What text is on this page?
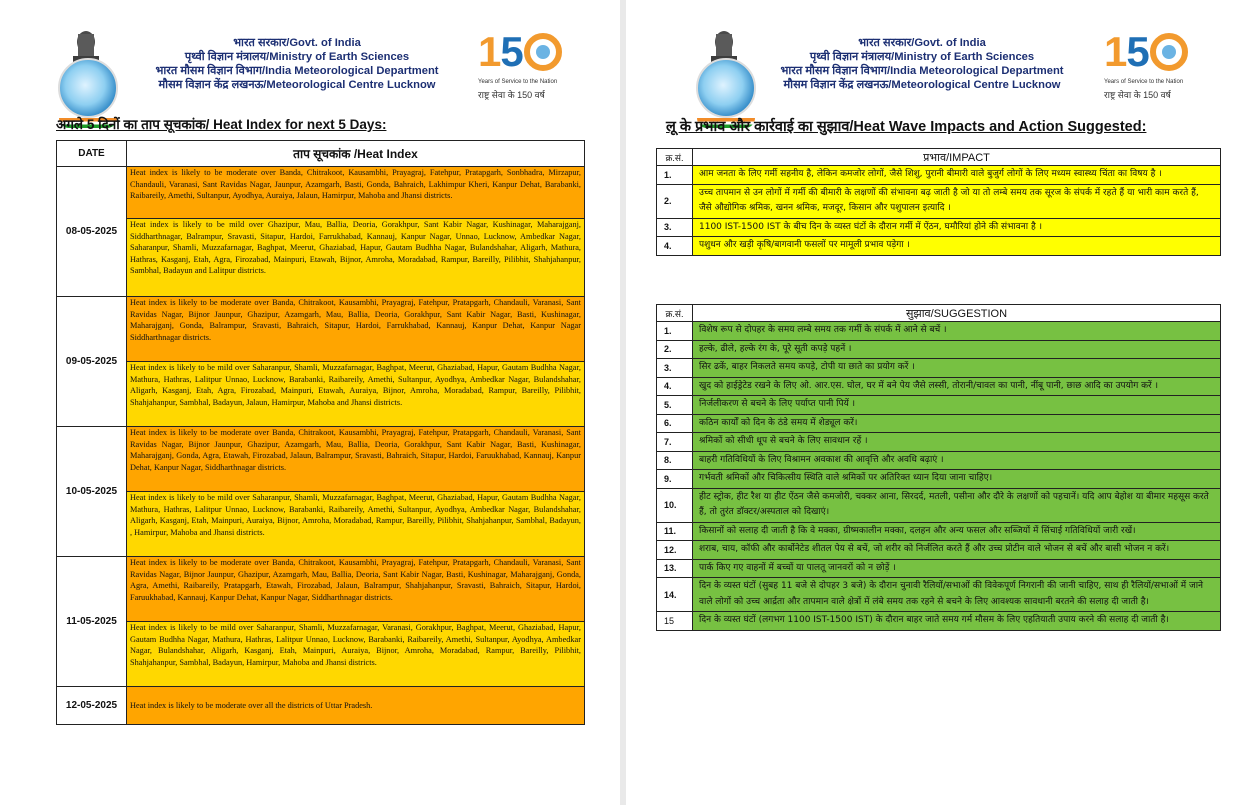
भारत सरकार/Govt. of India
पृथ्वी विज्ञान मंत्रालय/Ministry of Earth Sciences
भारत मौसम विज्ञान विभाग/India Meteorological Department
मौसम विज्ञान केंद्र लखनऊ/Meteorological Centre Lucknow
15
Years of Service to the Nation
राष्ट्र सेवा के 150 वर्ष
अगले 5 दिनों का ताप सूचकांक/ Heat Index for next 5 Days:
DATE	ताप सूचकांक /Heat Index
08-05-2025	Heat index is likely to be moderate over Banda, Chitrakoot, Kausambhi, Prayagraj, Fatehpur, Pratapgarh, Sonbhadra, Mirzapur, Chandauli, Varanasi, Sant Ravidas Nagar, Jaunpur, Azamgarh, Basti, Gonda, Bahraich, Lakhimpur Kheri, Kanpur Dehat, Barabanki, Raibareily, Amethi, Sultanpur, Ayodhya, Auraiya, Jalaun, Hamirpur, Mahoba and Jhansi districts.
	Heat index is likely to be mild over Ghazipur, Mau, Ballia, Deoria, Gorakhpur, Sant Kabir Nagar, Kushinagar, Maharajganj, Siddharthnagar, Balrampur, Sravasti, Sitapur, Hardoi, Farrukhabad, Kannauj, Kanpur Nagar, Unnao, Lucknow, Ambedkar Nagar, Saharanpur, Shamli, Muzzafarnagar, Baghpat, Meerut, Ghaziabad, Hapur, Gautam Budhha Nagar, Bulandshahar, Aligarh, Mathura, Hathras, Kasganj, Etah, Agra, Firozabad, Mainpuri, Etawah, Bijnor, Amroha, Moradabad, Rampur, Bareilly, Pilibhit, Shahjahanpur, Sambhal, Badayun and Lalitpur districts.
09-05-2025	Heat index is likely to be moderate over Banda, Chitrakoot, Kausambhi, Prayagraj, Fatehpur, Pratapgarh, Chandauli, Varanasi, Sant Ravidas Nagar, Bijnor Jaunpur, Ghazipur, Azamgarh, Mau, Ballia, Deoria, Gorakhpur, Sant Kabir Nagar, Basti, Kushinagar, Maharajganj, Gonda, Balrampur, Sravasti, Bahraich, Sitapur, Hardoi, Farrukhabad, Kannauj, Kanpur Dehat, Kanpur Nagar Siddharthnagar districts.
	Heat index is likely to be mild over Saharanpur, Shamli, Muzzafarnagar, Baghpat, Meerut, Ghaziabad, Hapur, Gautam Budhha Nagar, Mathura, Hathras, Lalitpur Unnao, Lucknow, Barabanki, Raibareily, Amethi, Sultanpur, Ayodhya, Ambedkar Nagar, Bulandshahar, Aligarh, Kasganj, Etah, Agra, Firozabad, Mainpuri, Etawah, Auraiya, Bijnor, Amroha, Moradabad, Rampur, Bareilly, Pilibhit, Shahjahanpur, Sambhal, Badayun, Jalaun, Hamirpur, Mahoba and Jhansi districts.
10-05-2025	Heat index is likely to be moderate over Banda, Chitrakoot, Kausambhi, Prayagraj, Fatehpur, Pratapgarh, Chandauli, Varanasi, Sant Ravidas Nagar, Bijnor Jaunpur, Ghazipur, Azamgarh, Mau, Ballia, Deoria, Gorakhpur, Sant Kabir Nagar, Basti, Kushinagar, Maharajganj, Gonda, Agra, Etawah, Firozabad, Jalaun, Balrampur, Sravasti, Bahraich, Sitapur, Hardoi, Faruukhabad, Kannauj, Kanpur Dehat, Kanpur Nagar, Siddharthnagar districts.
	Heat index is likely to be mild over Saharanpur, Shamli, Muzzafarnagar, Baghpat, Meerut, Ghaziabad, Hapur, Gautam Budhha Nagar, Mathura, Hathras, Lalitpur Unnao, Lucknow, Barabanki, Raibareily, Amethi, Sultanpur, Ayodhya, Ambedkar Nagar, Bulandshahar, Aligarh, Kasganj, Etah, Mainpuri, Auraiya, Bijnor, Amroha, Moradabad, Rampur, Bareilly, Pilibhit, Shahjahanpur, Sambhal, Badayun, , Hamirpur, Mahoba and Jhansi districts.
11-05-2025	Heat index is likely to be moderate over Banda, Chitrakoot, Kausambhi, Prayagraj, Fatehpur, Pratapgarh, Chandauli, Varanasi, Sant Ravidas Nagar, Bijnor Jaunpur, Ghazipur, Azamgarh, Mau, Ballia, Deoria, Sant Kabir Nagar, Basti, Kushinagar, Maharajganj, Gonda, Agra, Amethi, Raibareily, Pratapgarh, Etawah, Firozabad, Jalaun, Balrampur, Shahjahanpur, Sravasti, Bahraich, Sitapur, Hardoi, Faruukhabad, Kannauj, Kanpur Dehat, Kanpur Nagar, Siddharthnagar districts.
	Heat index is likely to be mild over Saharanpur, Shamli, Muzzafarnagar, Varanasi, Gorakhpur, Baghpat, Meerut, Ghaziabad, Hapur, Gautam Budhha Nagar, Mathura, Hathras, Lalitpur Unnao, Lucknow, Barabanki, Raibareily, Amethi, Sultanpur, Ayodhya, Ambedkar Nagar, Bulandshahar, Aligarh, Kasganj, Etah, Mainpuri, Auraiya, Bijnor, Amroha, Moradabad, Rampur, Bareilly, Pilibhit, Shahjahanpur, Sambhal, Badayun, Hamirpur, Mahoba and Jhansi districts.
12-05-2025	Heat index is likely to be moderate over all the districts of Uttar Pradesh.
भारत सरकार/Govt. of India
पृथ्वी विज्ञान मंत्रालय/Ministry of Earth Sciences
भारत मौसम विज्ञान विभाग/India Meteorological Department
मौसम विज्ञान केंद्र लखनऊ/Meteorological Centre Lucknow
15
Years of Service to the Nation
राष्ट्र सेवा के 150 वर्ष
लू के प्रभाव और कार्रवाई का सुझाव/Heat Wave Impacts and Action Suggested:
क्र.सं.	प्रभाव/IMPACT
1.	आम जनता के लिए गर्मी सहनीय है, लेकिन कमजोर लोगों, जैसे शिशु, पुरानी बीमारी वाले बुजुर्ग लोगों के लिए मध्यम स्वास्थ्य चिंता का विषय है ।
2.	उच्च तापमान से उन लोगों में गर्मी की बीमारी के लक्षणों की संभावना बढ़ जाती है जो या तो लम्बे समय तक सूरज के संपर्क में रहते हैं या भारी काम करते हैं, जैसे औद्योगिक श्रमिक, खनन श्रमिक, मजदूर, किसान और पशुपालन इत्यादि ।
3.	1100 IST-1500 IST के बीच दिन के व्यस्त घंटों के दौरान गर्मी में ऐंठन, घमौरियां होने की संभावना है ।
4.	पशुधन और खड़ी कृषि/बागवानी फसलों पर मामूली प्रभाव पड़ेगा ।
क्र.सं.	सुझाव/SUGGESTION
1.	विशेष रूप से दोपहर के समय लम्बे समय तक गर्मी के संपर्क में आने से बचें ।
2.	हल्के, ढीले, हल्के रंग के, पूरे सूती कपड़े पहनें ।
3.	सिर ढकें, बाहर निकलते समय कपड़े, टोपी या छाते का प्रयोग करें ।
4.	खुद को हाईड्रेटेड रखने के लिए ओ. आर.एस. घोल, घर में बने पेय जैसे लस्सी, तोरानी/चावल का पानी, नींबू पानी, छाछ आदि का उपयोग करें ।
5.	निर्जलीकरण से बचने के लिए पर्याप्त पानी पियें ।
6.	कठिन कार्यों को दिन के ठंडे समय में शेड्यूल करें।
7.	श्रमिकों को सीधी धूप से बचने के लिए सावधान रहें ।
8.	बाहरी गतिविधियों के लिए विश्रामन अवकाश की आवृत्ति और अवधि बढ़ाएं ।
9.	गर्भवती श्रमिकों और चिकित्सीय स्थिति वाले श्रमिकों पर अतिरिक्त ध्यान दिया जाना चाहिए।
10.	हीट स्ट्रोक, हीट रैश या हीट ऐंठन जैसे कमजोरी, चक्कर आना, सिरदर्द, मतली, पसीना और दौरे के लक्षणों को पहचानें। यदि आप बेहोश या बीमार महसूस करते हैं, तो तुरंत डॉक्टर/अस्पताल को दिखाएं।
11.	किसानों को सलाह दी जाती है कि वे मक्का, ग्रीष्मकालीन मक्का, दलहन और अन्य फसल और सब्जियों में सिंचाई गतिविधियों जारी रखें।
12.	शराब, चाय, कॉफी और कार्बोनेटेड शीतल पेय से बचें, जो शरीर को निर्जलित करते हैं और उच्च प्रोटीन वाले भोजन से बचें और बासी भोजन न करें।
13.	पार्क किए गए वाहनों में बच्चों या पालतू जानवरों को न छोड़ें ।
14.	दिन के व्यस्त घंटों (सुबह 11 बजे से दोपहर 3 बजे) के दौरान चुनावी रैलियों/सभाओं की विवेकपूर्ण निगरानी की जानी चाहिए, साथ ही रैलियों/सभाओं में जाने वाले लोगों को उच्च आर्द्रता और तापमान वाले क्षेत्रों में लंबे समय तक रहने से बचने के लिए आवश्यक सावधानी बरतने की सलाह दी जाती है।
15	दिन के व्यस्त घंटों (लगभग 1100 IST-1500 IST) के दौरान बाहर जाते समय गर्म मौसम के लिए एहतियाती उपाय करने की सलाह दी जाती है।
